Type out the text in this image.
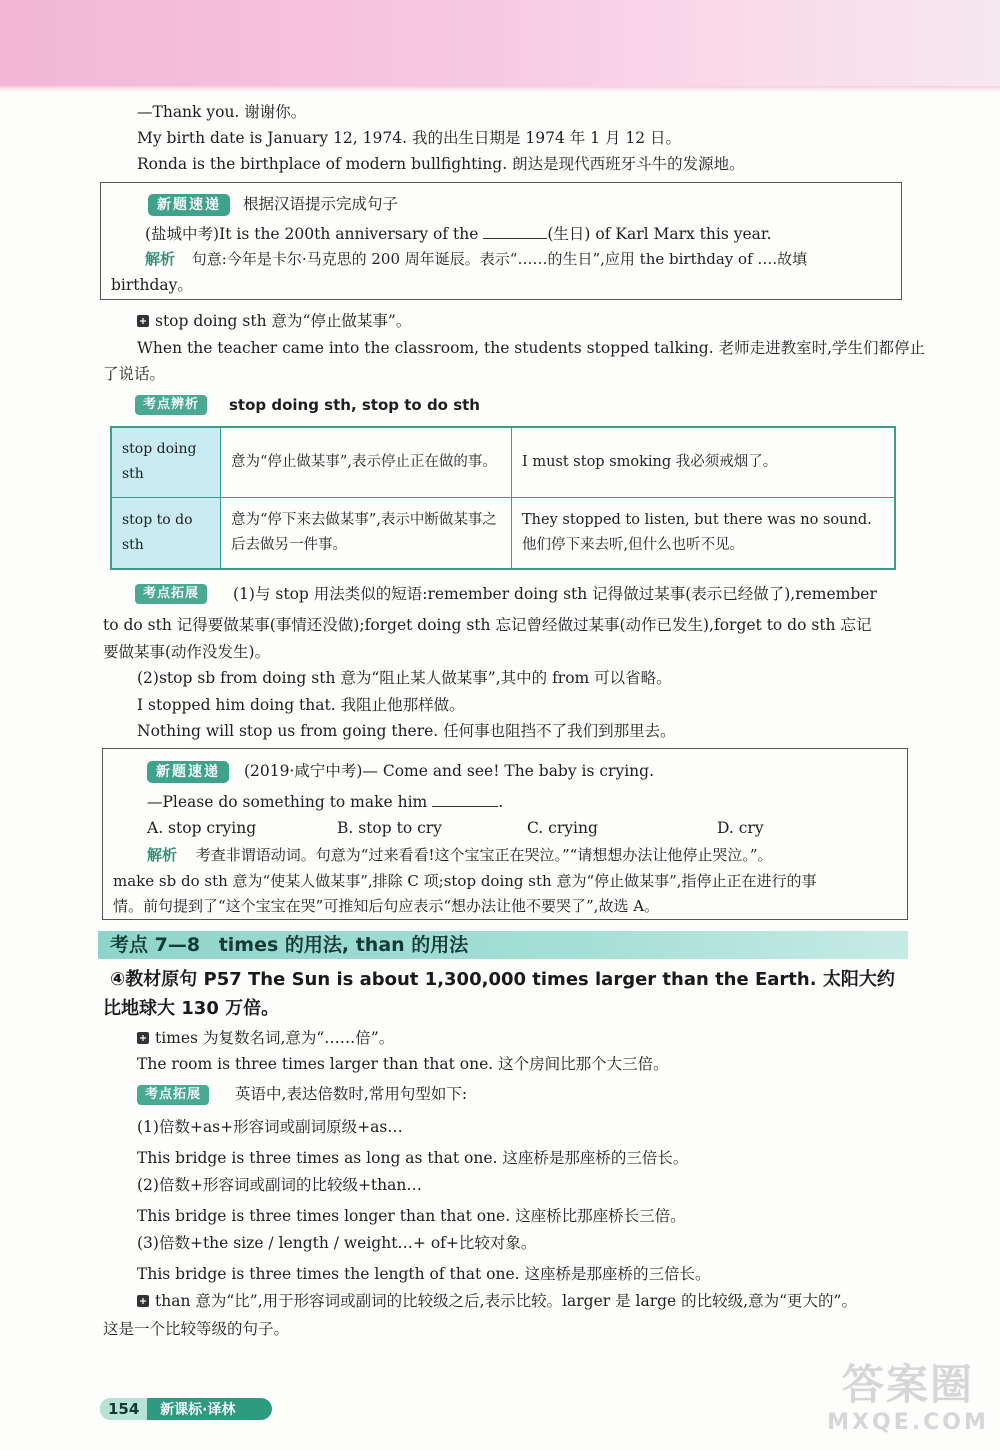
—Thank you. 谢谢你。
My birth date is January 12, 1974. 我的出生日期是 1974 年 1 月 12 日。
Ronda is the birthplace of modern bullfighting. 朗达是现代西班牙斗牛的发源地。
新题速递 根据汉语提示完成句子
(盐城中考)It is the 200th anniversary of the	(生日) of Karl Marx this year.
解析 句意:今年是卡尔·马克思的 200 周年诞辰。表示“……的生日”,应用 the birthday of ….故填
birthday。
stop doing sth 意为“停止做某事”。
When the teacher came into the classroom, the students stopped talking. 老师走进教室时,学生们都停止
了说话。
考点辨析	stop doing sth, stop to do sth
stop doing sth	意为“停止做某事”,表示停止正在做的事。	I must stop smoking 我必须戒烟了。
stop to do sth	意为“停下来去做某事”,表示中断做某事之后去做另一件事。	They stopped to listen, but there was no sound. 他们停下来去听,但什么也听不见。
考点拓展	(1)与 stop 用法类似的短语:remember doing sth 记得做过某事(表示已经做了),remember
to do sth 记得要做某事(事情还没做);forget doing sth 忘记曾经做过某事(动作已发生),forget to do sth 忘记
要做某事(动作没发生)。
(2)stop sb from doing sth 意为“阻止某人做某事”,其中的 from 可以省略。
I stopped him doing that. 我阻止他那样做。
Nothing will stop us from going there. 任何事也阻挡不了我们到那里去。
新题速递 (2019·咸宁中考)— Come and see! The baby is crying.
—Please do something to make him	.
A. stop crying	B. stop to cry	C. crying	D. cry
解析 考查非谓语动词。句意为“过来看看!这个宝宝正在哭泣。”“请想想办法让他停止哭泣。”。
make sb do sth 意为“使某人做某事”,排除 C 项;stop doing sth 意为“停止做某事”,指停止正在进行的事
情。前句提到了“这个宝宝在哭”可推知后句应表示“想办法让他不要哭了”,故选 A。
考点 7—8 times 的用法, than 的用法
④教材原句 P57 The Sun is about 1,300,000 times larger than the Earth. 太阳大约
比地球大 130 万倍。
times 为复数名词,意为“……倍”。
The room is three times larger than that one. 这个房间比那个大三倍。
考点拓展	英语中,表达倍数时,常用句型如下:
(1)倍数+as+形容词或副词原级+as…
This bridge is three times as long as that one. 这座桥是那座桥的三倍长。
(2)倍数+形容词或副词的比较级+than…
This bridge is three times longer than that one. 这座桥比那座桥长三倍。
(3)倍数+the size / length / weight…+ of+比较对象。
This bridge is three times the length of that one. 这座桥是那座桥的三倍长。
than 意为“比”,用于形容词或副词的比较级之后,表示比较。larger 是 large 的比较级,意为“更大的”。
这是一个比较等级的句子。
154 新课标·译林
答案圈
MXQE.COM
